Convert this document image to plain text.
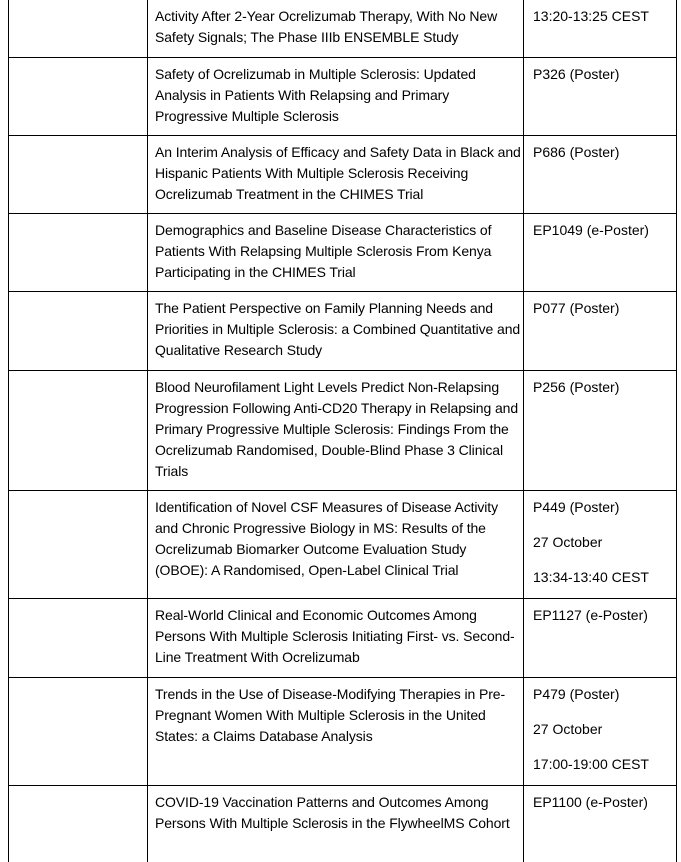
Activity After 2-Year Ocrelizumab Therapy, With No New Safety Signals; The Phase IIIb ENSEMBLE Study
13:20-13:25 CEST
Safety of Ocrelizumab in Multiple Sclerosis: Updated Analysis in Patients With Relapsing and Primary Progressive Multiple Sclerosis
P326 (Poster)
An Interim Analysis of Efficacy and Safety Data in Black and Hispanic Patients With Multiple Sclerosis Receiving Ocrelizumab Treatment in the CHIMES Trial
P686 (Poster)
Demographics and Baseline Disease Characteristics of Patients With Relapsing Multiple Sclerosis From Kenya Participating in the CHIMES Trial
EP1049 (e-Poster)
The Patient Perspective on Family Planning Needs and Priorities in Multiple Sclerosis: a Combined Quantitative and Qualitative Research Study
P077 (Poster)
Blood Neurofilament Light Levels Predict Non-Relapsing Progression Following Anti-CD20 Therapy in Relapsing and Primary Progressive Multiple Sclerosis: Findings From the Ocrelizumab Randomised, Double-Blind Phase 3 Clinical Trials
P256 (Poster)
Identification of Novel CSF Measures of Disease Activity and Chronic Progressive Biology in MS: Results of the Ocrelizumab Biomarker Outcome Evaluation Study (OBOE): A Randomised, Open-Label Clinical Trial
P449 (Poster)
27 October
13:34-13:40 CEST
Real-World Clinical and Economic Outcomes Among Persons With Multiple Sclerosis Initiating First- vs. Second-Line Treatment With Ocrelizumab
EP1127 (e-Poster)
Trends in the Use of Disease-Modifying Therapies in Pre-Pregnant Women With Multiple Sclerosis in the United States: a Claims Database Analysis
P479 (Poster)
27 October
17:00-19:00 CEST
COVID-19 Vaccination Patterns and Outcomes Among Persons With Multiple Sclerosis in the FlywheelMS Cohort
EP1100 (e-Poster)
